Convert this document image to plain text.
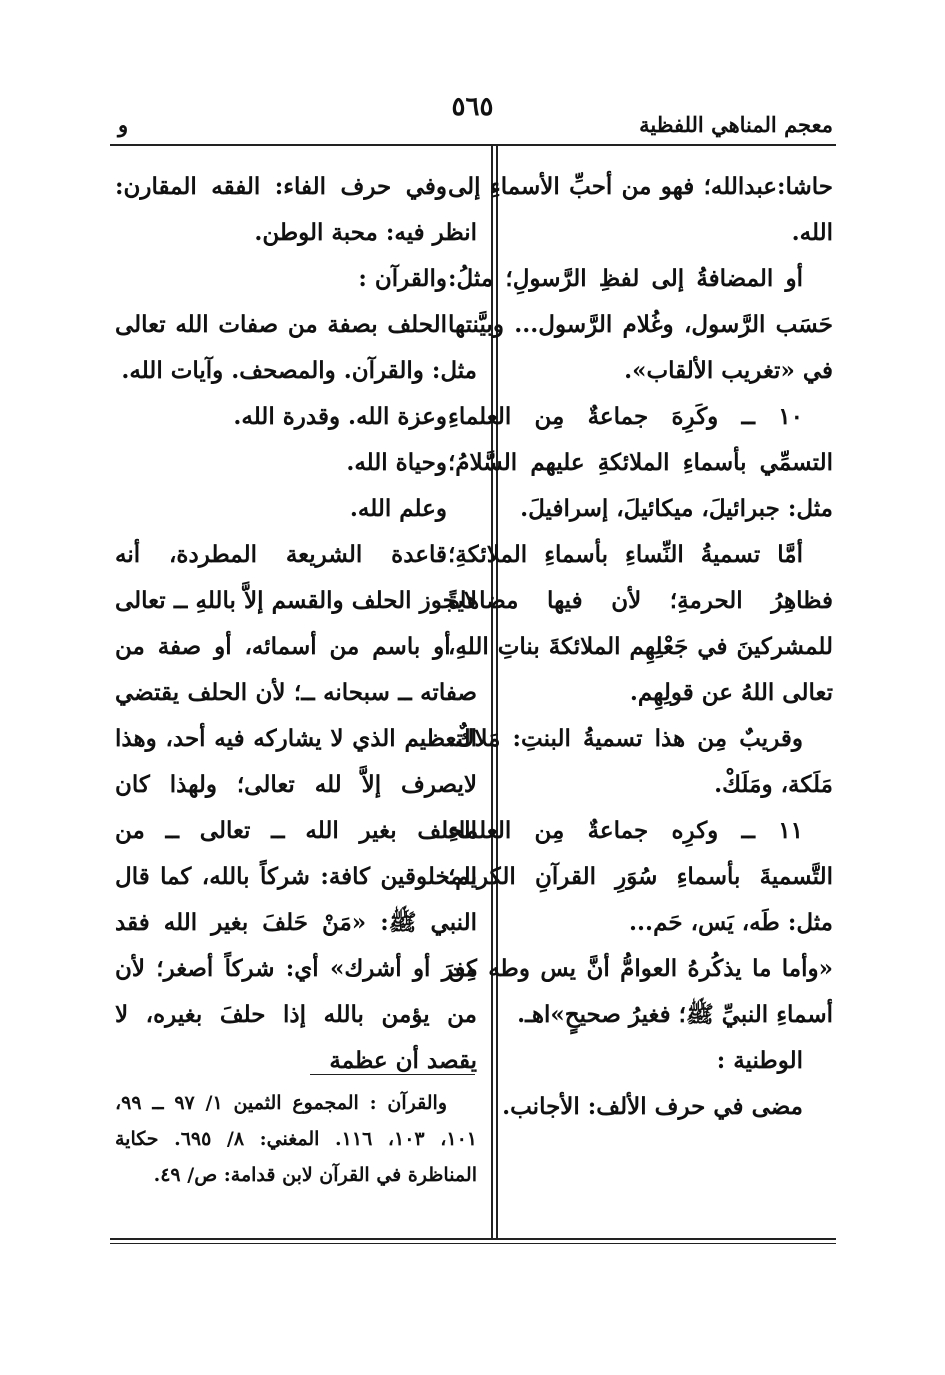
٥٦٥
معجم المناهي اللفظية
و

حاشا:عبدالله؛ فهو من أحبِّ الأسماءِ إلى الله.

أو المضافةُ إلى لفظِ الرَّسولِ؛ مثلُ: حَسَب الرَّسول، وغُلام الرَّسول... وبيَّنتها في «تغريب الألقاب».

١٠ ــ وكَرِهَ جماعةٌ مِن العلماءِ التسمِّي بأسماءِ الملائكةِ عليهم السَّلامُ؛ مثل: جبرائيلَ، ميكائيلَ، إسرافيلَ.

أمَّا تسميةُ النِّساءِ بأسماءِ الملائكةِ؛ فظاهِرُ الحرمةِ؛ لأن فيها مضاهاةً للمشركينَ في جَعْلِهِم الملائكةَ بناتِ اللهِ، تعالى اللهُ عن قولِهِم.

وقريبٌ مِن هذا تسميةُ البنتِ: مَلاكٌ، مَلَكة، ومَلَكْ.

١١ ــ وكرِه جماعةٌ مِن العلماءِ التَّسميةَ بأسماءِ سُوَرِ القرآنِ الكريم؛ مثل: طَه، يَس، حَم...

«وأما ما يذكُرهُ العوامُّ أنَّ يس وطه مِن أسماءِ النبيِّ ﷺ؛ فغيرُ صحيحٍ»اهـ.

الوطنية :

مضى في حرف الألف: الأجانب.

وفي حرف الفاء: الفقه المقارن: انظر فيه: محبة الوطن.

والقرآن :

الحلف بصفة من صفات الله تعالى مثل: والقرآن. والمصحف. وآيات الله.

وعزة الله. وقدرة الله.

وحياة الله.

وعلم الله.

قاعدة الشريعة المطردة، أنه لايجوز الحلف والقسم إلاَّ باللهِ ــ تعالى ــ أو باسم من أسمائه، أو صفة من صفاته ــ سبحانه ــ؛ لأن الحلف يقتضي التعظيم الذي لا يشاركه فيه أحد، وهذا لايصرف إلاَّ لله تعالى؛ ولهذا كان الحلف بغير الله ــ تعالى ــ من المخلوقين كافة: شركاً بالله، كما قال النبي ﷺ: «مَنْ حَلفَ بغير الله فقد كفرَ أو أشرك» أي: شركاً أصغر؛ لأن من يؤمن بالله إذا حلفَ بغيره، لا يقصد أن عظمة

والقرآن : المجموع الثمين ١/ ٩٧ ــ ٩٩، ١٠١، ١٠٣، ١١٦. المغني: ٨/ ٦٩٥. حكاية المناظرة في القرآن لابن قدامة: ص/ ٤٩.
